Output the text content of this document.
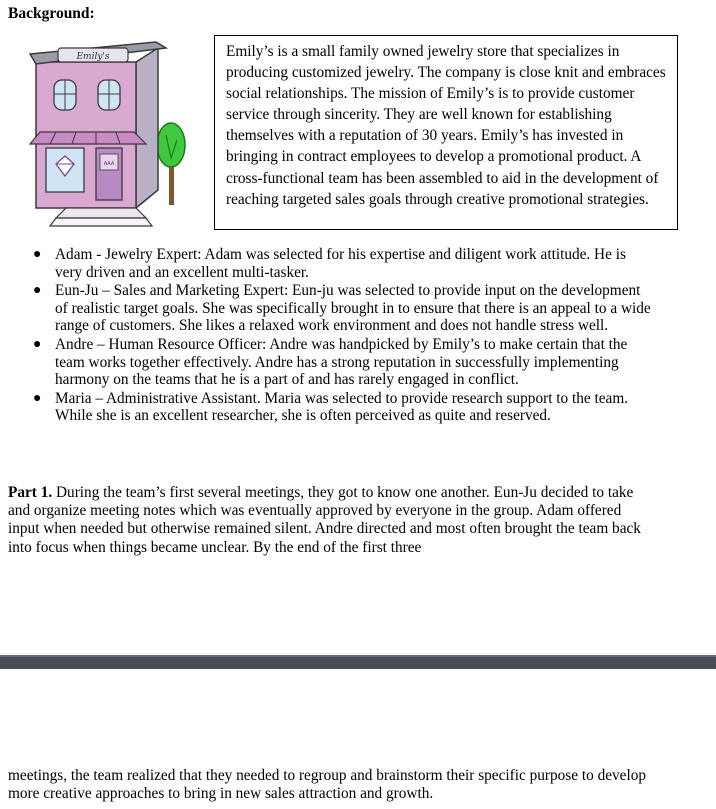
Background:
Emily's
AAA
Emily’s is a small family owned jewelry store that specializes in producing customized jewelry. The company is close knit and embraces social relationships. The mission of Emily’s is to provide customer service through sincerity. They are well known for establishing themselves with a reputation of 30 years. Emily’s has invested in bringing in contract employees to develop a promotional product. A cross-functional team has been assembled to aid in the development of reaching targeted sales goals through creative promotional strategies.
● Adam - Jewelry Expert: Adam was selected for his expertise and diligent work attitude. He is very driven and an excellent multi-tasker.
● Eun-Ju – Sales and Marketing Expert: Eun-ju was selected to provide input on the development of realistic target goals. She was specifically brought in to ensure that there is an appeal to a wide range of customers. She likes a relaxed work environment and does not handle stress well.
● Andre – Human Resource Officer: Andre was handpicked by Emily’s to make certain that the team works together effectively. Andre has a strong reputation in successfully implementing harmony on the teams that he is a part of and has rarely engaged in conflict.
● Maria – Administrative Assistant. Maria was selected to provide research support to the team. While she is an excellent researcher, she is often perceived as quite and reserved.
Part 1. During the team’s first several meetings, they got to know one another. Eun-Ju decided to take and organize meeting notes which was eventually approved by everyone in the group. Adam offered input when needed but otherwise remained silent. Andre directed and most often brought the team back into focus when things became unclear. By the end of the first three
meetings, the team realized that they needed to regroup and brainstorm their specific purpose to develop more creative approaches to bring in new sales attraction and growth.
